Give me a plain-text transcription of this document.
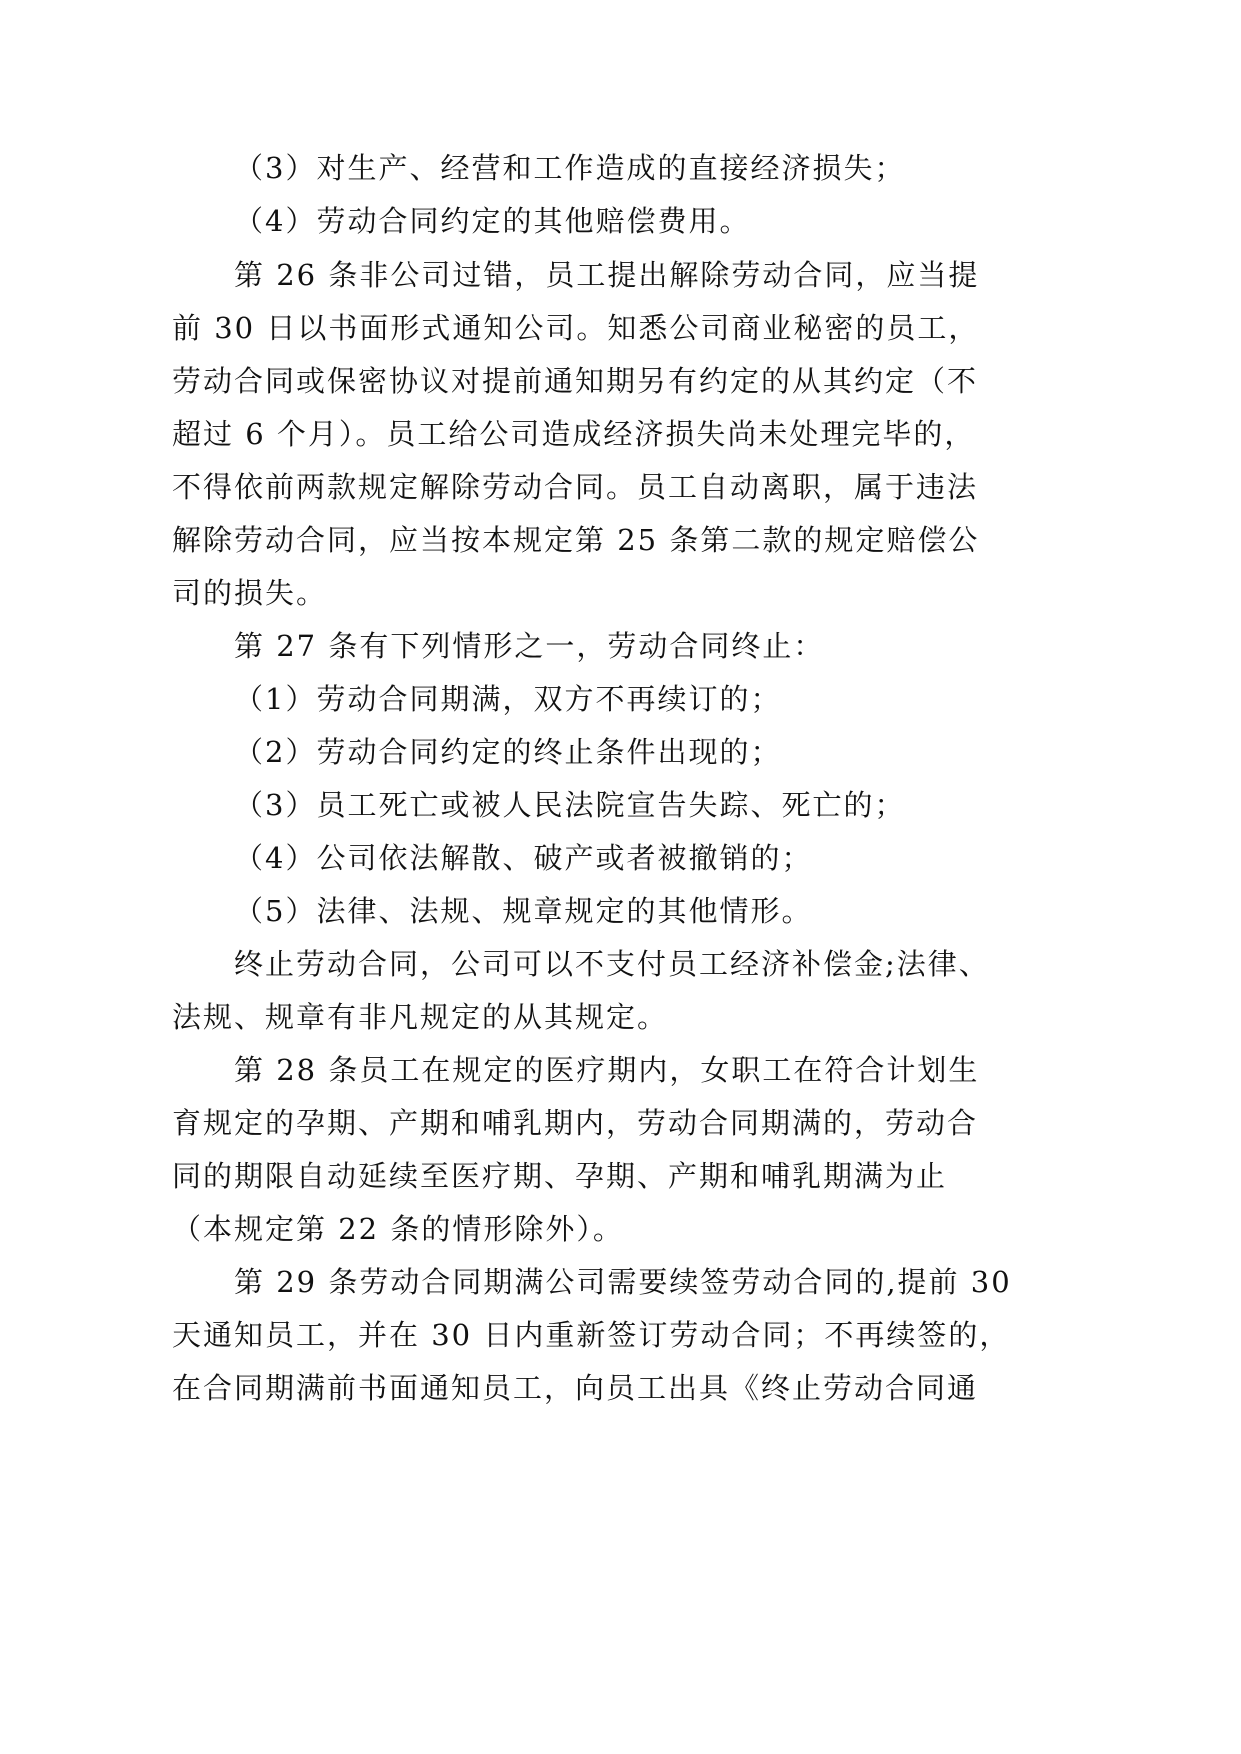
（3）对生产、经营和工作造成的直接经济损失；
（4）劳动合同约定的其他赔偿费用。
第 26 条非公司过错，员工提出解除劳动合同，应当提
前 30 日以书面形式通知公司。知悉公司商业秘密的员工，
劳动合同或保密协议对提前通知期另有约定的从其约定（不
超过 6 个月）。员工给公司造成经济损失尚未处理完毕的，
不得依前两款规定解除劳动合同。员工自动离职，属于违法
解除劳动合同，应当按本规定第 25 条第二款的规定赔偿公
司的损失。
第 27 条有下列情形之一，劳动合同终止：
（1）劳动合同期满，双方不再续订的；
（2）劳动合同约定的终止条件出现的；
（3）员工死亡或被人民法院宣告失踪、死亡的；
（4）公司依法解散、破产或者被撤销的；
（5）法律、法规、规章规定的其他情形。
终止劳动合同，公司可以不支付员工经济补偿金;法律、
法规、规章有非凡规定的从其规定。
第 28 条员工在规定的医疗期内，女职工在符合计划生
育规定的孕期、产期和哺乳期内，劳动合同期满的，劳动合
同的期限自动延续至医疗期、孕期、产期和哺乳期满为止
（本规定第 22 条的情形除外）。
第 29 条劳动合同期满公司需要续签劳动合同的,提前 30
天通知员工，并在 30 日内重新签订劳动合同；不再续签的，
在合同期满前书面通知员工，向员工出具《终止劳动合同通
